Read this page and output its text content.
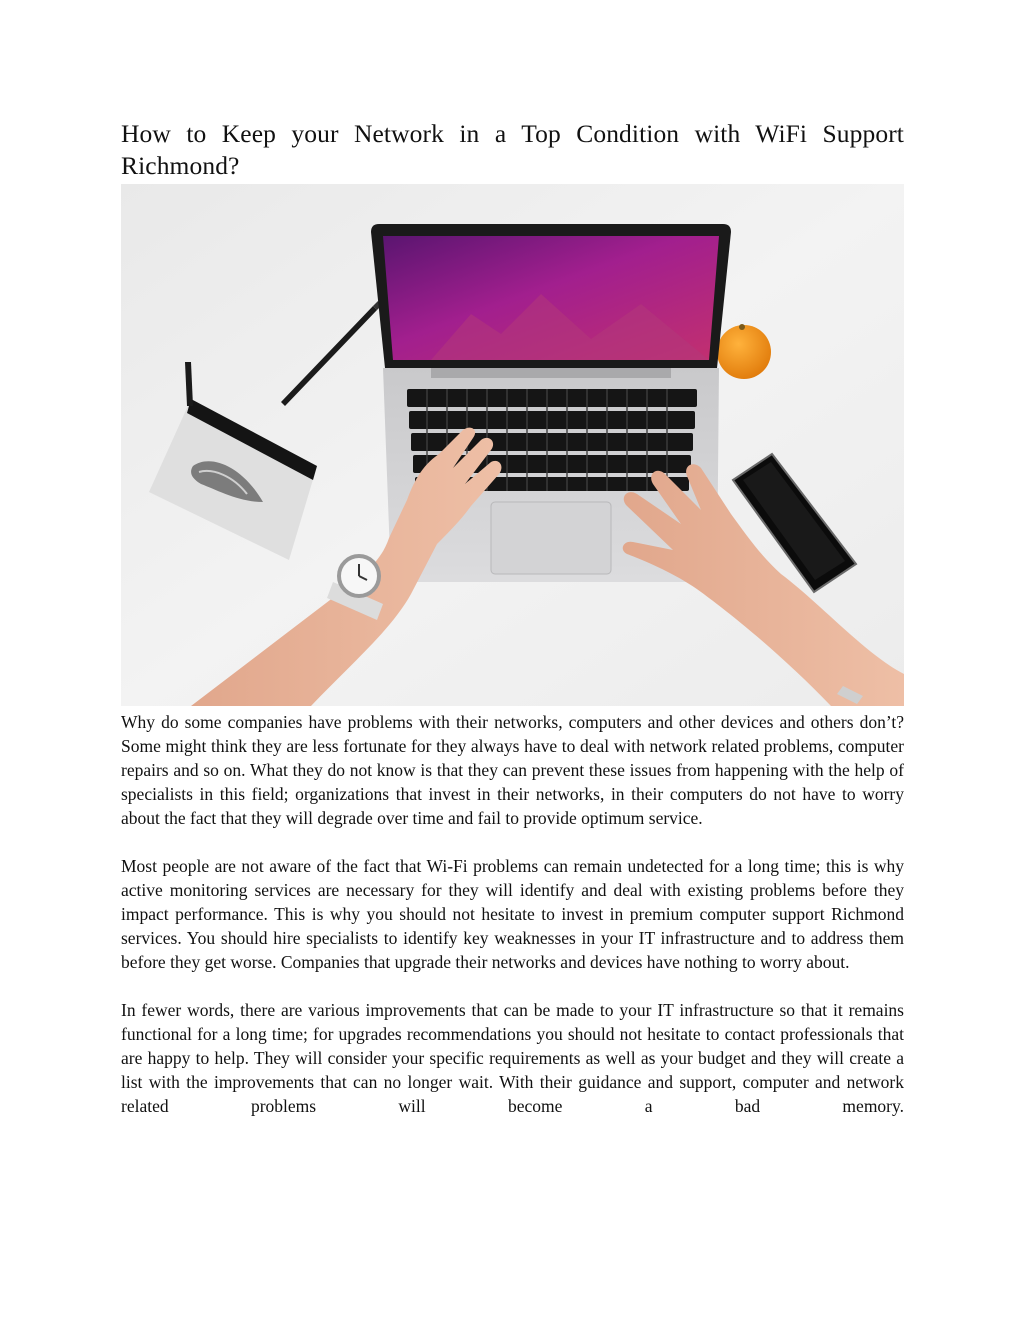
How to Keep your Network in a Top Condition with WiFi Support Richmond?

Why do some companies have problems with their networks, computers and other devices and others don’t? Some might think they are less fortunate for they always have to deal with network related problems, computer repairs and so on. What they do not know is that they can prevent these issues from happening with the help of specialists in this field; organizations that invest in their networks, in their computers do not have to worry about the fact that they will degrade over time and fail to provide optimum service.

Most people are not aware of the fact that Wi-Fi problems can remain undetected for a long time; this is why active monitoring services are necessary for they will identify and deal with existing problems before they impact performance. This is why you should not hesitate to invest in premium computer support Richmond services. You should hire specialists to identify key weaknesses in your IT infrastructure and to address them before they get worse. Companies that upgrade their networks and devices have nothing to worry about.

In fewer words, there are various improvements that can be made to your IT infrastructure so that it remains functional for a long time; for upgrades recommendations you should not hesitate to contact professionals that are happy to help. They will consider your specific requirements as well as your budget and they will create a list with the improvements that can no longer wait. With their guidance and support, computer and network related problems will become a bad memory.
